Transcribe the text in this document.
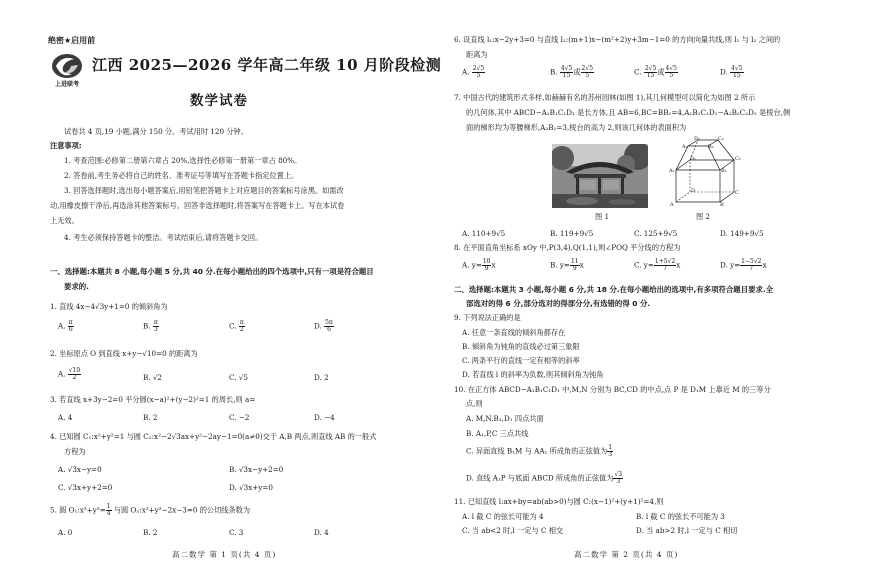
绝密★启用前
上进联考
江西 2025—2026 学年高二年级 10 月阶段检测
数学试卷
试卷共 4 页,19 小题,满分 150 分。考试用时 120 分钟。
注意事项:
1. 考查范围:必修第二册第六章占 20%,选择性必修第一册第一章占 80%。
2. 答卷前,考生务必将自己的姓名、准考证号等填写在答题卡指定位置上。
3. 回答选择题时,选出每小题答案后,用铅笔把答题卡上对应题目的答案标号涂黑。如需改
动,用橡皮擦干净后,再选涂其他答案标号。回答非选择题时,将答案写在答题卡上。写在本试卷
上无效。
4. 考生必须保持答题卡的整洁。考试结束后,请将答题卡交回。
一、选择题:本题共 8 小题,每小题 5 分,共 40 分.在每小题给出的四个选项中,只有一项是符合题目
要求的.
1. 直线 4x−4√3y+1=0 的倾斜角为
A. $\frac{\pi}{6}$	B. $\frac{\pi}{3}$	C. $\frac{\pi}{2}$	D. $\frac{5\pi}{6}$
2. 坐标原点 O 到直线 x+y−√10=0 的距离为
A. $\frac{√10}{2}$	B. √2	C. √5	D. 2
3. 若直线 x+3y−2=0 平分圆(x−a)²+(y−2)²=1 的周长,则 a=
A. 4	B. 2	C. −2	D. −4
4. 已知圆 C₁:x²+y²=1 与圆 C₂:x²−2√3ax+y²−2ay−1=0(a≠0)交于 A,B 两点,则直线 AB 的一般式
方程为
A. √3x−y=0	B. √3x−y+2=0
C. √3x+y+2=0	D. √3x+y=0
5. 圆 O₁:x²+y²= $\frac{1}{4}$ 与圆 O₂:x²+y²−2x−3=0 的公切线条数为
A. 0	B. 2	C. 3	D. 4
高二数学 第 1 页(共 4 页)
6. 设直线 l₁:x−2y+3=0 与直线 l₂:(m+1)x−(m²+2)y+3m−1=0 的方向向量共线,则 l₁ 与 l₂ 之间的
距离为
A. $\frac{2√5}{5}$	B. $\frac{4√5}{15}$ 或 $\frac{2√5}{5}$	C. $\frac{2√5}{15}$ 或 $\frac{4√5}{5}$	D. $\frac{4√5}{15}$
7. 中国古代的建筑形式多样,如赫赫有名的苏州园林(如图 1),其几何模型可以简化为如图 2 所示
的几何体,其中 ABCD−A₁B₁C₁D₁ 是长方体,且 AB=6,BC=BB₁=4,A₁B₁C₁D₁−A₂B₂C₂D₂ 是棱台,侧
面的梯形均为等腰梯形,A₂B₂=3,棱台的高为 2,则该几何体的表面积为
图 1
D₂	C₂
A₂	B₂
D₁	C₁
A₁	B₁
D	C
A	B
图 2
A. 110+9√5	B. 119+9√5	C. 125+9√5	D. 149+9√5
8. 在平面直角坐标系 xOy 中,P(3,4),Q(1,1),则∠POQ 平分线的方程为
A. $y= \frac{10}{9}$ x	B. $y= \frac{11}{9}$ x	C. $y= \frac{1+5√2}{7}$ x	D. $y= \frac{1-5√2}{7}$ x
二、选择题:本题共 3 小题,每小题 6 分,共 18 分.在每小题给出的选项中,有多项符合题目要求.全
部选对的得 6 分,部分选对的得部分分,有选错的得 0 分.
9. 下列说法正确的是
A. 任意一条直线的倾斜角都存在
B. 倾斜角为钝角的直线必过第三象限
C. 两条平行的直线一定有相等的斜率
D. 若直线 l 的斜率为负数,则其倾斜角为钝角
10. 在正方体 ABCD−A₁B₁C₁D₁ 中,M,N 分别为 BC,CD 的中点,点 P 是 D₁M 上靠近 M 的三等分
点,则
A. M,N,B₁,D₁ 四点共面
B. A₁,P,C 三点共线
C. 异面直线 B₁M 与 AA₁ 所成角的正弦值为 $\frac{1}{3}$
D. 直线 A₁P 与底面 ABCD 所成角的正弦值为 $\frac{√3}{3}$
11. 已知直线 l:ax+by=ab(ab>0)与圆 C:(x−1)²+(y+1)²=4,则
A. l 截 C 的弦长可能为 4	B. l 截 C 的弦长不可能为 3
C. 当 ab<2 时,l 一定与 C 相交	D. 当 ab>2 时,l 一定与 C 相切
高二数学 第 2 页(共 4 页)
